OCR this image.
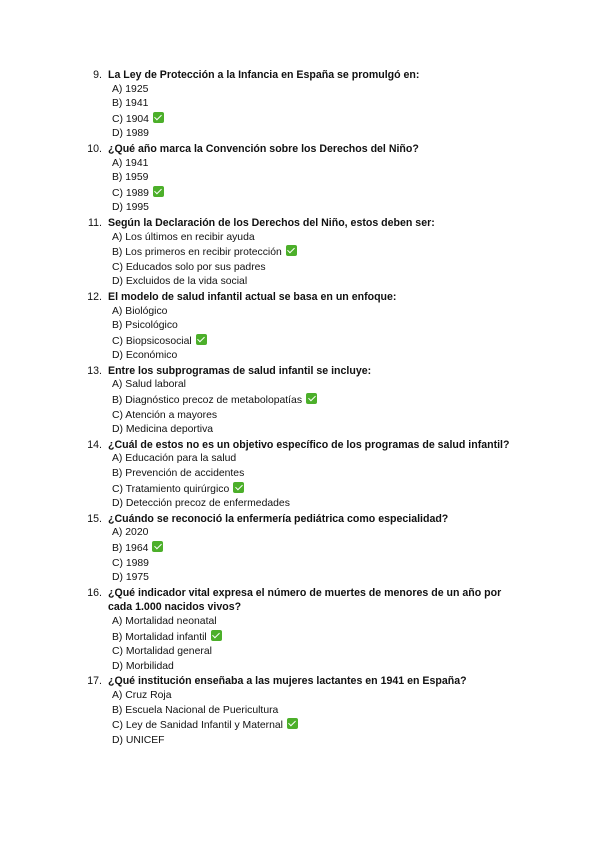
9. La Ley de Protección a la Infancia en España se promulgó en:
A) 1925
B) 1941
C) 1904
D) 1989
10. ¿Qué año marca la Convención sobre los Derechos del Niño?
A) 1941
B) 1959
C) 1989
D) 1995
11. Según la Declaración de los Derechos del Niño, estos deben ser:
A) Los últimos en recibir ayuda
B) Los primeros en recibir protección
C) Educados solo por sus padres
D) Excluidos de la vida social
12. El modelo de salud infantil actual se basa en un enfoque:
A) Biológico
B) Psicológico
C) Biopsicosocial
D) Económico
13. Entre los subprogramas de salud infantil se incluye:
A) Salud laboral
B) Diagnóstico precoz de metabolopatías
C) Atención a mayores
D) Medicina deportiva
14. ¿Cuál de estos no es un objetivo específico de los programas de salud infantil?
A) Educación para la salud
B) Prevención de accidentes
C) Tratamiento quirúrgico
D) Detección precoz de enfermedades
15. ¿Cuándo se reconoció la enfermería pediátrica como especialidad?
A) 2020
B) 1964
C) 1989
D) 1975
16. ¿Qué indicador vital expresa el número de muertes de menores de un año por cada 1.000 nacidos vivos?
A) Mortalidad neonatal
B) Mortalidad infantil
C) Mortalidad general
D) Morbilidad
17. ¿Qué institución enseñaba a las mujeres lactantes en 1941 en España?
A) Cruz Roja
B) Escuela Nacional de Puericultura
C) Ley de Sanidad Infantil y Maternal
D) UNICEF
